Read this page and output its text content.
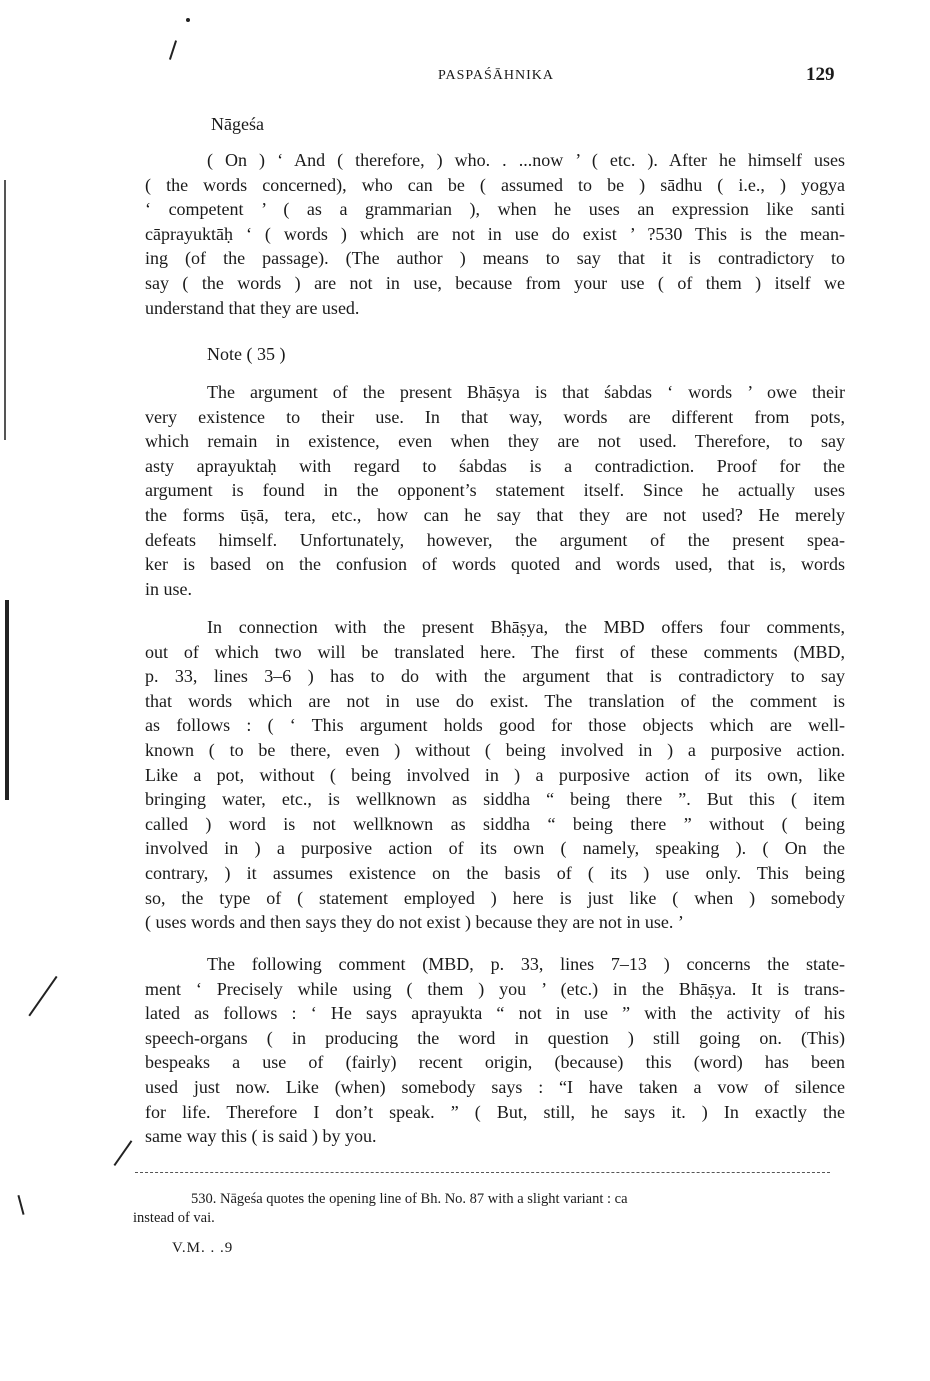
PASPAŚĀHNIKA	129
Nāgeśa
( On ) ‘ And ( therefore, ) who. . ...now ’ ( etc. ). After he himself uses
( the words concerned), who can be ( assumed to be ) sādhu ( i.e., ) yogya
‘ competent ’ ( as a grammarian ), when he uses an expression like santi
cāprayuktāḥ ‘ ( words ) which are not in use do exist ’ ?530 This is the mean-
ing (of the passage). (The author ) means to say that it is contradictory to
say ( the words ) are not in use, because from your use ( of them ) itself we
understand that they are used.
Note ( 35 )
The argument of the present Bhāṣya is that śabdas ‘ words ’ owe their
very existence to their use. In that way, words are different from pots,
which remain in existence, even when they are not used. Therefore, to say
asty aprayuktaḥ with regard to śabdas is a contradiction. Proof for the
argument is found in the opponent’s statement itself. Since he actually uses
the forms ūṣā, tera, etc., how can he say that they are not used? He merely
defeats himself. Unfortunately, however, the argument of the present spea-
ker is based on the confusion of words quoted and words used, that is, words
in use.
In connection with the present Bhāṣya, the MBD offers four comments,
out of which two will be translated here. The first of these comments (MBD,
p. 33, lines 3–6 ) has to do with the argument that is contradictory to say
that words which are not in use do exist. The translation of the comment is
as follows : ( ‘ This argument holds good for those objects which are well-
known ( to be there, even ) without ( being involved in ) a purposive action.
Like a pot, without ( being involved in ) a purposive action of its own, like
bringing water, etc., is wellknown as siddha “ being there ”. But this ( item
called ) word is not wellknown as siddha “ being there ” without ( being
involved in ) a purposive action of its own ( namely, speaking ). ( On the
contrary, ) it assumes existence on the basis of ( its ) use only. This being
so, the type of ( statement employed ) here is just like ( when ) somebody
( uses words and then says they do not exist ) because they are not in use. ’
The following comment (MBD, p. 33, lines 7–13 ) concerns the state-
ment ‘ Precisely while using ( them ) you ’ (etc.) in the Bhāṣya. It is trans-
lated as follows : ‘ He says aprayukta “ not in use ” with the activity of his
speech-organs ( in producing the word in question ) still going on. (This)
bespeaks a use of (fairly) recent origin, (because) this (word) has been
used just now. Like (when) somebody says : “I have taken a vow of silence
for life. Therefore I don’t speak. ” ( But, still, he says it. ) In exactly the
same way this ( is said ) by you.
530. Nāgeśa quotes the opening line of Bh. No. 87 with a slight variant : ca
instead of vai.
V.M. . .9
